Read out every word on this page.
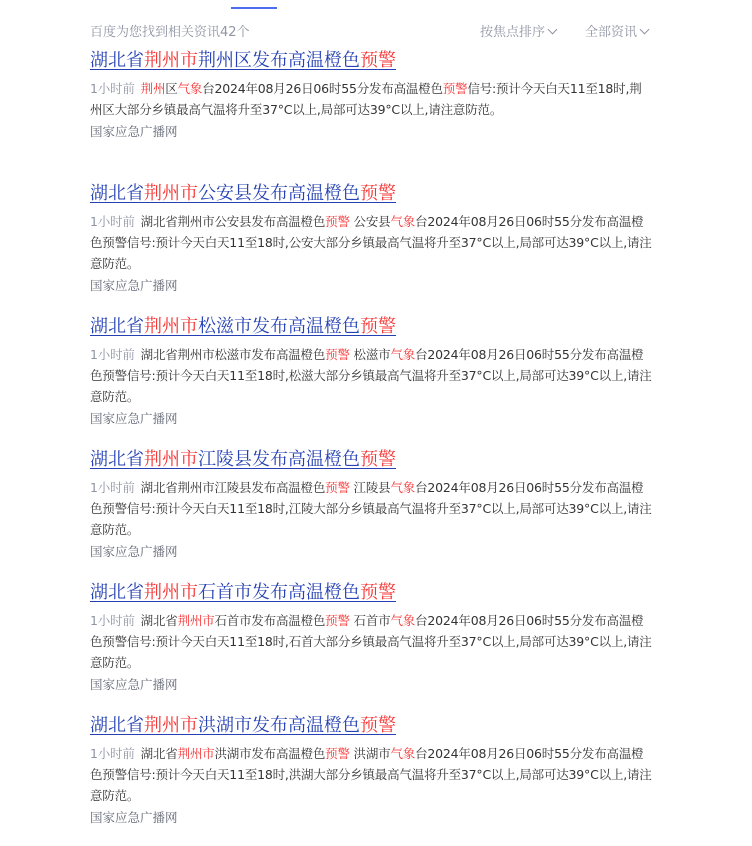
百度为您找到相关资讯42个	按焦点排序	全部资讯
湖北省荆州市荆州区发布高温橙色预警
1小时前 荆州区气象台2024年08月26日06时55分发布高温橙色预警信号:预计今天白天11至18时,荆州区大部分乡镇最高气温将升至37°C以上,局部可达39°C以上,请注意防范。
国家应急广播网
湖北省荆州市公安县发布高温橙色预警
1小时前 湖北省荆州市公安县发布高温橙色预警 公安县气象台2024年08月26日06时55分发布高温橙色预警信号:预计今天白天11至18时,公安大部分乡镇最高气温将升至37°C以上,局部可达39°C以上,请注意防范。
国家应急广播网
湖北省荆州市松滋市发布高温橙色预警
1小时前 湖北省荆州市松滋市发布高温橙色预警 松滋市气象台2024年08月26日06时55分发布高温橙色预警信号:预计今天白天11至18时,松滋大部分乡镇最高气温将升至37°C以上,局部可达39°C以上,请注意防范。
国家应急广播网
湖北省荆州市江陵县发布高温橙色预警
1小时前 湖北省荆州市江陵县发布高温橙色预警 江陵县气象台2024年08月26日06时55分发布高温橙色预警信号:预计今天白天11至18时,江陵大部分乡镇最高气温将升至37°C以上,局部可达39°C以上,请注意防范。
国家应急广播网
湖北省荆州市石首市发布高温橙色预警
1小时前 湖北省荆州市石首市发布高温橙色预警 石首市气象台2024年08月26日06时55分发布高温橙色预警信号:预计今天白天11至18时,石首大部分乡镇最高气温将升至37°C以上,局部可达39°C以上,请注意防范。
国家应急广播网
湖北省荆州市洪湖市发布高温橙色预警
1小时前 湖北省荆州市洪湖市发布高温橙色预警 洪湖市气象台2024年08月26日06时55分发布高温橙色预警信号:预计今天白天11至18时,洪湖大部分乡镇最高气温将升至37°C以上,局部可达39°C以上,请注意防范。
国家应急广播网
